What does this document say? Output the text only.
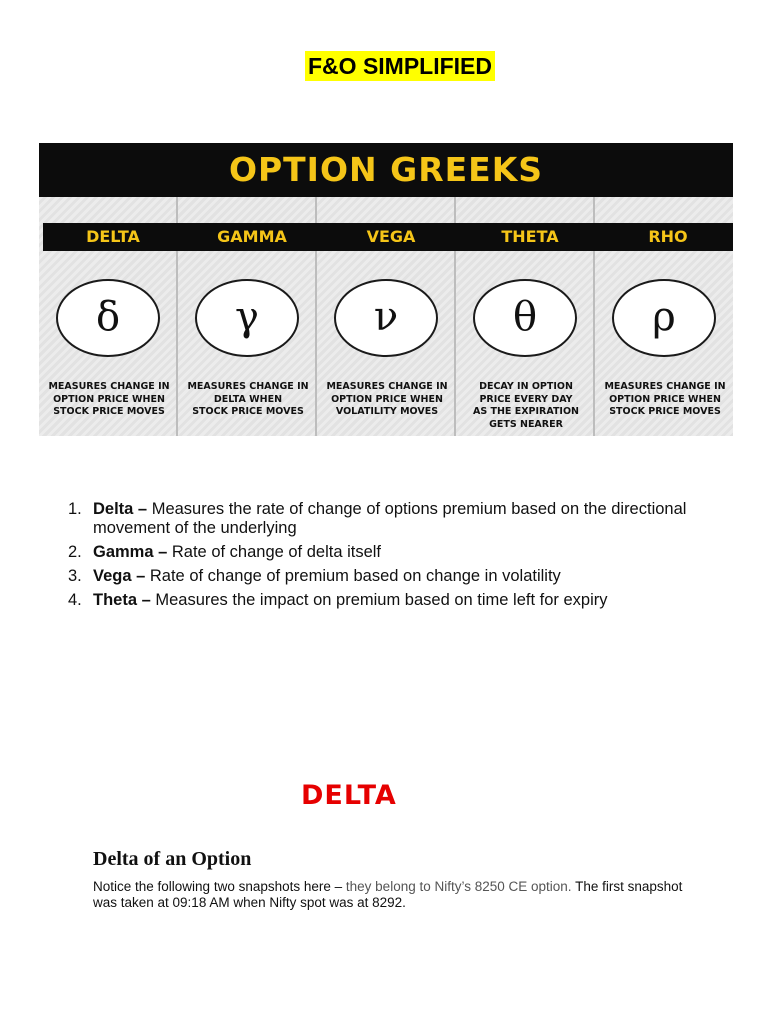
F&O SIMPLIFIED
OPTION GREEKS
DELTA
δ
MEASURES CHANGE IN
OPTION PRICE WHEN
STOCK PRICE MOVES
GAMMA
γ
MEASURES CHANGE IN
DELTA WHEN
STOCK PRICE MOVES
VEGA
ν
MEASURES CHANGE IN
OPTION PRICE WHEN
VOLATILITY MOVES
THETA
θ
DECAY IN OPTION
PRICE EVERY DAY
AS THE EXPIRATION
GETS NEARER
RHO
ρ
MEASURES CHANGE IN
OPTION PRICE WHEN
STOCK PRICE MOVES
1. Delta – Measures the rate of change of options premium based on the directional movement of the underlying
2. Gamma – Rate of change of delta itself
3. Vega – Rate of change of premium based on change in volatility
4. Theta – Measures the impact on premium based on time left for expiry
DELTA
Delta of an Option

Notice the following two snapshots here – they belong to Nifty’s 8250 CE option. The first snapshot was taken at 09:18 AM when Nifty spot was at 8292.
